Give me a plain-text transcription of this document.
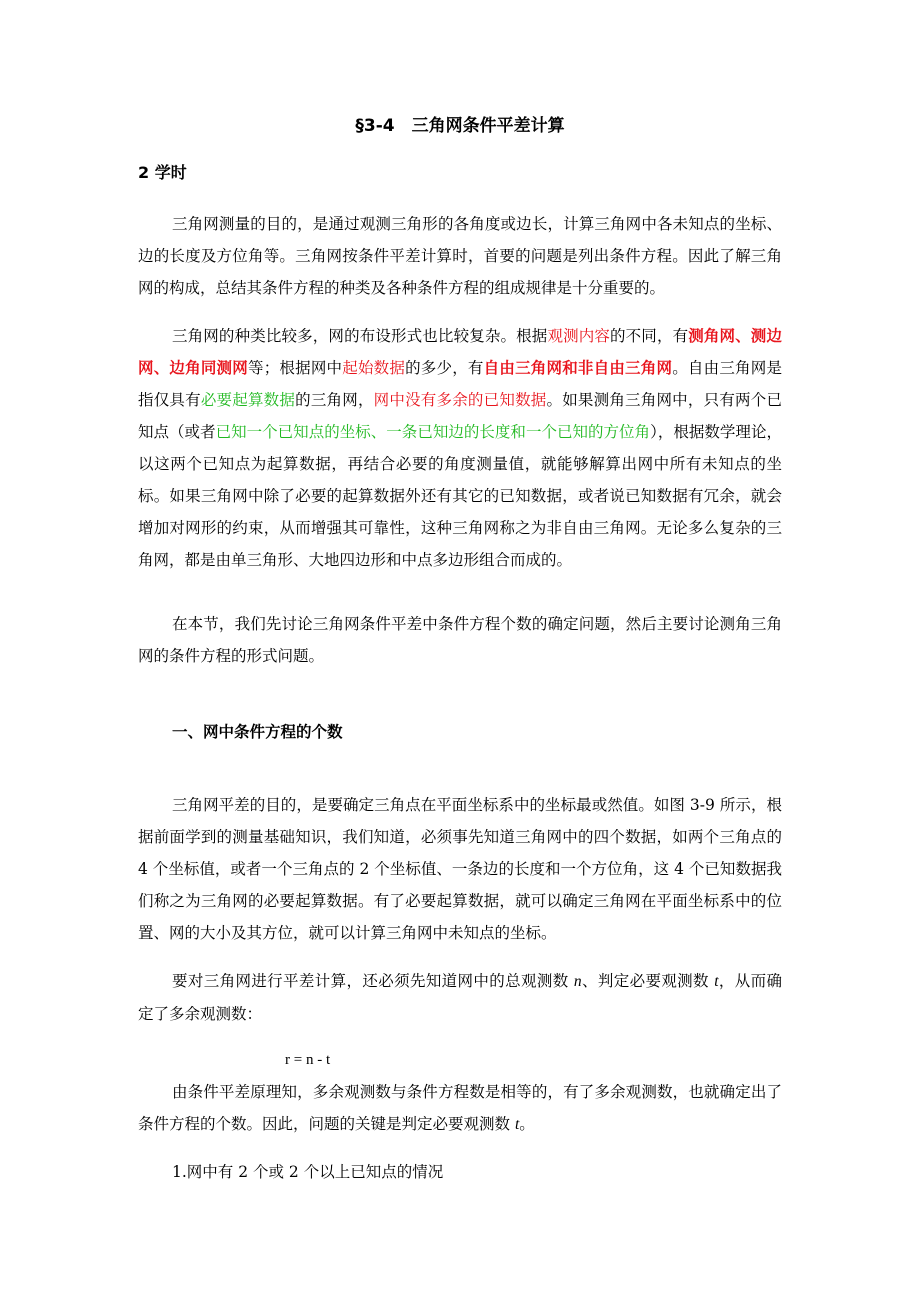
§3-4　三角网条件平差计算
2 学时

三角网测量的目的，是通过观测三角形的各角度或边长，计算三角网中各未知点的坐标、边的长度及方位角等。三角网按条件平差计算时，首要的问题是列出条件方程。因此了解三角网的构成，总结其条件方程的种类及各种条件方程的组成规律是十分重要的。

三角网的种类比较多，网的布设形式也比较复杂。根据观测内容的不同，有测角网、测边网、边角同测网等；根据网中起始数据的多少，有自由三角网和非自由三角网。自由三角网是指仅具有必要起算数据的三角网，网中没有多余的已知数据。如果测角三角网中，只有两个已知点（或者已知一个已知点的坐标、一条已知边的长度和一个已知的方位角），根据数学理论，以这两个已知点为起算数据，再结合必要的角度测量值，就能够解算出网中所有未知点的坐标。如果三角网中除了必要的起算数据外还有其它的已知数据，或者说已知数据有冗余，就会增加对网形的约束，从而增强其可靠性，这种三角网称之为非自由三角网。无论多么复杂的三角网，都是由单三角形、大地四边形和中点多边形组合而成的。

在本节，我们先讨论三角网条件平差中条件方程个数的确定问题，然后主要讨论测角三角网的条件方程的形式问题。

一、网中条件方程的个数

三角网平差的目的，是要确定三角点在平面坐标系中的坐标最或然值。如图 3-9 所示，根据前面学到的测量基础知识，我们知道，必须事先知道三角网中的四个数据，如两个三角点的 4 个坐标值，或者一个三角点的 2 个坐标值、一条边的长度和一个方位角，这 4 个已知数据我们称之为三角网的必要起算数据。有了必要起算数据，就可以确定三角网在平面坐标系中的位置、网的大小及其方位，就可以计算三角网中未知点的坐标。

要对三角网进行平差计算，还必须先知道网中的总观测数 n、判定必要观测数 t，从而确定了多余观测数：

r = n - t

由条件平差原理知，多余观测数与条件方程数是相等的，有了多余观测数，也就确定出了条件方程的个数。因此，问题的关键是判定必要观测数 t。

1.网中有 2 个或 2 个以上已知点的情况
